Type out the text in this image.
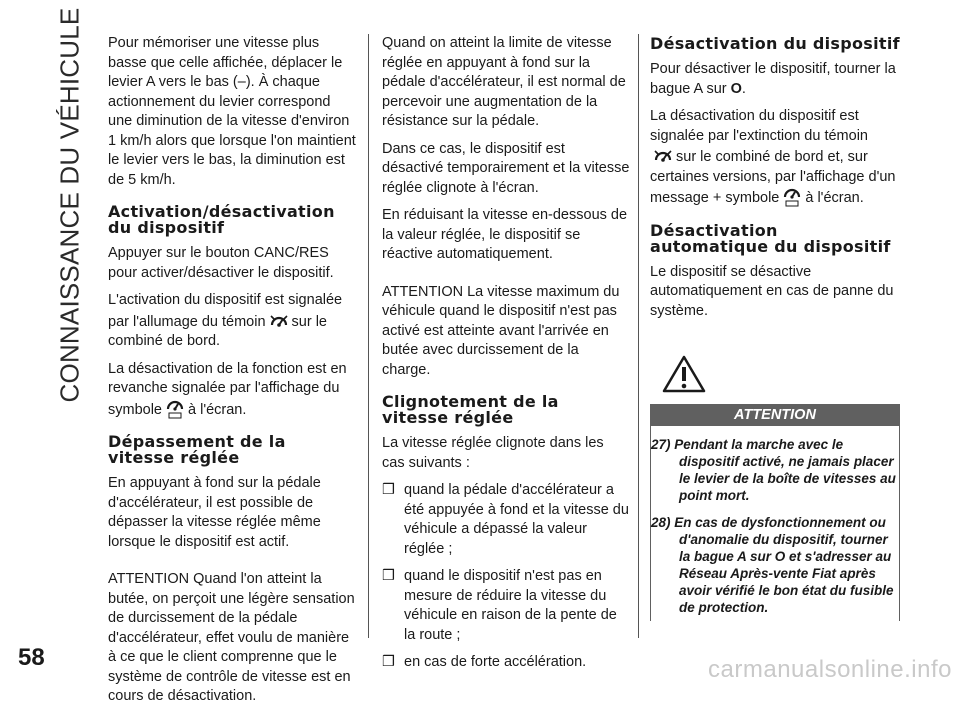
CONNAISSANCE DU VÉHICULE
58

Pour mémoriser une vitesse plus basse que celle affichée, déplacer le levier A vers le bas (–). À chaque actionnement du levier correspond une diminution de la vitesse d'environ 1 km/h alors que lorsque l'on maintient le levier vers le bas, la diminution est de 5 km/h.

Activation/désactivation du dispositif

Appuyer sur le bouton CANC/RES pour activer/désactiver le dispositif.

L'activation du dispositif est signalée par l'allumage du témoin sur le combiné de bord.

La désactivation de la fonction est en revanche signalée par l'affichage du symbole à l'écran.

Dépassement de la vitesse réglée

En appuyant à fond sur la pédale d'accélérateur, il est possible de dépasser la vitesse réglée même lorsque le dispositif est actif.

ATTENTION Quand l'on atteint la butée, on perçoit une légère sensation de durcissement de la pédale d'accélérateur, effet voulu de manière à ce que le client comprenne que le système de contrôle de vitesse est en cours de désactivation.

Quand on atteint la limite de vitesse réglée en appuyant à fond sur la pédale d'accélérateur, il est normal de percevoir une augmentation de la résistance sur la pédale.

Dans ce cas, le dispositif est désactivé temporairement et la vitesse réglée clignote à l'écran.

En réduisant la vitesse en-dessous de la valeur réglée, le dispositif se réactive automatiquement.

ATTENTION La vitesse maximum du véhicule quand le dispositif n'est pas activé est atteinte avant l'arrivée en butée avec durcissement de la charge.

Clignotement de la vitesse réglée

La vitesse réglée clignote dans les cas suivants :

❒ quand la pédale d'accélérateur a été appuyée à fond et la vitesse du véhicule a dépassé la valeur réglée ;
❒ quand le dispositif n'est pas en mesure de réduire la vitesse du véhicule en raison de la pente de la route ;
❒ en cas de forte accélération.
Désactivation du dispositif

Pour désactiver le dispositif, tourner la bague A sur O.

La désactivation du dispositif est signalée par l'extinction du témoin
sur le combiné de bord et, sur certaines versions, par l'affichage d'un message + symbole à l'écran.

Désactivation automatique du dispositif

Le dispositif se désactive automatiquement en cas de panne du système.

ATTENTION
27) Pendant la marche avec le dispositif activé, ne jamais placer le levier de la boîte de vitesses au point mort.
28) En cas de dysfonctionnement ou d'anomalie du dispositif, tourner la bague A sur O et s'adresser au Réseau Après-vente Fiat après avoir vérifié le bon état du fusible de protection.
carmanualsonline.info
